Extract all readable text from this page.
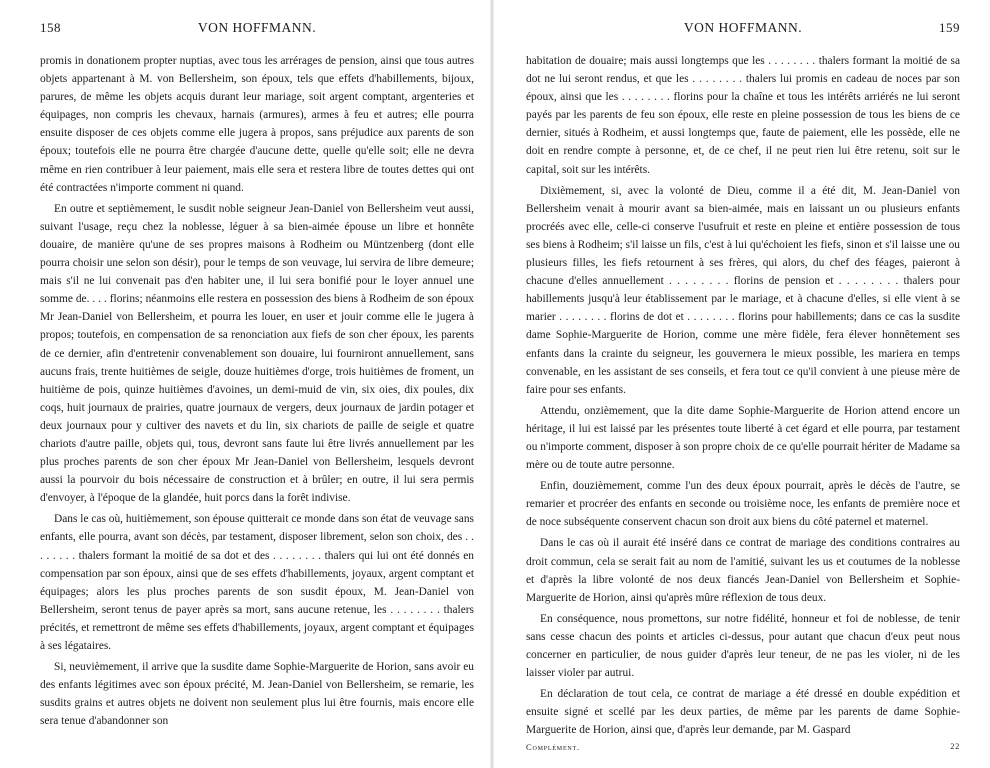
158	VON HOFFMANN.

promis in donationem propter nuptias, avec tous les arrérages de pension, ainsi que tous autres objets appartenant à M. von Bellersheim, son époux, tels que effets d'habillements, bijoux, parures, de même les objets acquis durant leur mariage, soit argent comptant, argenteries et équipages, non compris les chevaux, harnais (armures), armes à feu et autres; elle pourra ensuite disposer de ces objets comme elle jugera à propos, sans préjudice aux parents de son époux; toutefois elle ne pourra être chargée d'aucune dette, quelle qu'elle soit; elle ne devra même en rien contribuer à leur paiement, mais elle sera et restera libre de toutes dettes qui ont été contractées n'importe comment ni quand.

En outre et septièmement, le susdit noble seigneur Jean-Daniel von Bellersheim veut aussi, suivant l'usage, reçu chez la noblesse, léguer à sa bien-aimée épouse un libre et honnête douaire, de manière qu'une de ses propres maisons à Rodheim ou Müntzenberg (dont elle pourra choisir une selon son désir), pour le temps de son veuvage, lui servira de libre demeure; mais s'il ne lui convenait pas d'en habiter une, il lui sera bonifié pour le loyer annuel une somme de. . . . florins; néanmoins elle restera en possession des biens à Rodheim de son époux Mr Jean-Daniel von Bellersheim, et pourra les louer, en user et jouir comme elle le jugera à propos; toutefois, en compensation de sa renonciation aux fiefs de son cher époux, les parents de ce dernier, afin d'entretenir convenablement son douaire, lui fourniront annuellement, sans aucuns frais, trente huitièmes de seigle, douze huitièmes d'orge, trois huitièmes de froment, un huitième de pois, quinze huitièmes d'avoines, un demi-muid de vin, six oies, dix poules, dix coqs, huit journaux de prairies, quatre journaux de vergers, deux journaux de jardin potager et deux journaux pour y cultiver des navets et du lin, six chariots de paille de seigle et quatre chariots d'autre paille, objets qui, tous, devront sans faute lui être livrés annuellement par les plus proches parents de son cher époux Mr Jean-Daniel von Bellersheim, lesquels devront aussi la pourvoir du bois nécessaire de construction et à brûler; en outre, il lui sera permis d'envoyer, à l'époque de la glandée, huit porcs dans la forêt indivise.

Dans le cas où, huitièmement, son épouse quitterait ce monde dans son état de veuvage sans enfants, elle pourra, avant son décès, par testament, disposer librement, selon son choix, des . . . . . . . . thalers formant la moitié de sa dot et des . . . . . . . . thalers qui lui ont été donnés en compensation par son époux, ainsi que de ses effets d'habillements, joyaux, argent comptant et équipages; alors les plus proches parents de son susdit époux, M. Jean-Daniel von Bellersheim, seront tenus de payer après sa mort, sans aucune retenue, les . . . . . . . . thalers précités, et remettront de même ses effets d'habillements, joyaux, argent comptant et équipages à ses légataires.

Si, neuvièmement, il arrive que la susdite dame Sophie-Marguerite de Horion, sans avoir eu des enfants légitimes avec son époux précité, M. Jean-Daniel von Bellersheim, se remarie, les susdits grains et autres objets ne doivent non seulement plus lui être fournis, mais encore elle sera tenue d'abandonner son

VON HOFFMANN.	159

habitation de douaire; mais aussi longtemps que les . . . . . . . . thalers formant la moitié de sa dot ne lui seront rendus, et que les . . . . . . . . thalers lui promis en cadeau de noces par son époux, ainsi que les . . . . . . . . florins pour la chaîne et tous les intérêts arriérés ne lui seront payés par les parents de feu son époux, elle reste en pleine possession de tous les biens de ce dernier, situés à Rodheim, et aussi longtemps que, faute de paiement, elle les possède, elle ne doit en rendre compte à personne, et, de ce chef, il ne peut rien lui être retenu, soit sur le capital, soit sur les intérêts.

Dixièmement, si, avec la volonté de Dieu, comme il a été dit, M. Jean-Daniel von Bellersheim venait à mourir avant sa bien-aimée, mais en laissant un ou plusieurs enfants procréés avec elle, celle-ci conserve l'usufruit et reste en pleine et entière possession de tous ses biens à Rodheim; s'il laisse un fils, c'est à lui qu'échoient les fiefs, sinon et s'il laisse une ou plusieurs filles, les fiefs retournent à ses frères, qui alors, du chef des féages, paieront à chacune d'elles annuellement . . . . . . . . florins de pension et . . . . . . . . thalers pour habillements jusqu'à leur établissement par le mariage, et à chacune d'elles, si elle vient à se marier . . . . . . . . florins de dot et . . . . . . . . florins pour habillements; dans ce cas la susdite dame Sophie-Marguerite de Horion, comme une mère fidèle, fera élever honnêtement ses enfants dans la crainte du seigneur, les gouvernera le mieux possible, les mariera en temps convenable, en les assistant de ses conseils, et fera tout ce qu'il convient à une pieuse mère de faire pour ses enfants.

Attendu, onzièmement, que la dite dame Sophie-Marguerite de Horion attend encore un héritage, il lui est laissé par les présentes toute liberté à cet égard et elle pourra, par testament ou n'importe comment, disposer à son propre choix de ce qu'elle pourrait hériter de Madame sa mère ou de toute autre personne.

Enfin, douzièmement, comme l'un des deux époux pourrait, après le décès de l'autre, se remarier et procréer des enfants en seconde ou troisième noce, les enfants de première noce et de noce subséquente conservent chacun son droit aux biens du côté paternel et maternel.

Dans le cas où il aurait été inséré dans ce contrat de mariage des conditions contraires au droit commun, cela se serait fait au nom de l'amitié, suivant les us et coutumes de la noblesse et d'après la libre volonté de nos deux fiancés Jean-Daniel von Bellersheim et Sophie-Marguerite de Horion, ainsi qu'après mûre réflexion de tous deux.

En conséquence, nous promettons, sur notre fidélité, honneur et foi de noblesse, de tenir sans cesse chacun des points et articles ci-dessus, pour autant que chacun d'eux peut nous concerner en particulier, de nous guider d'après leur teneur, de ne pas les violer, ni de les laisser violer par autrui.

En déclaration de tout cela, ce contrat de mariage a été dressé en double expédition et ensuite signé et scellé par les deux parties, de même par les parents de dame Sophie-Marguerite de Horion, ainsi que, d'après leur demande, par M. Gaspard

Complément.	22
